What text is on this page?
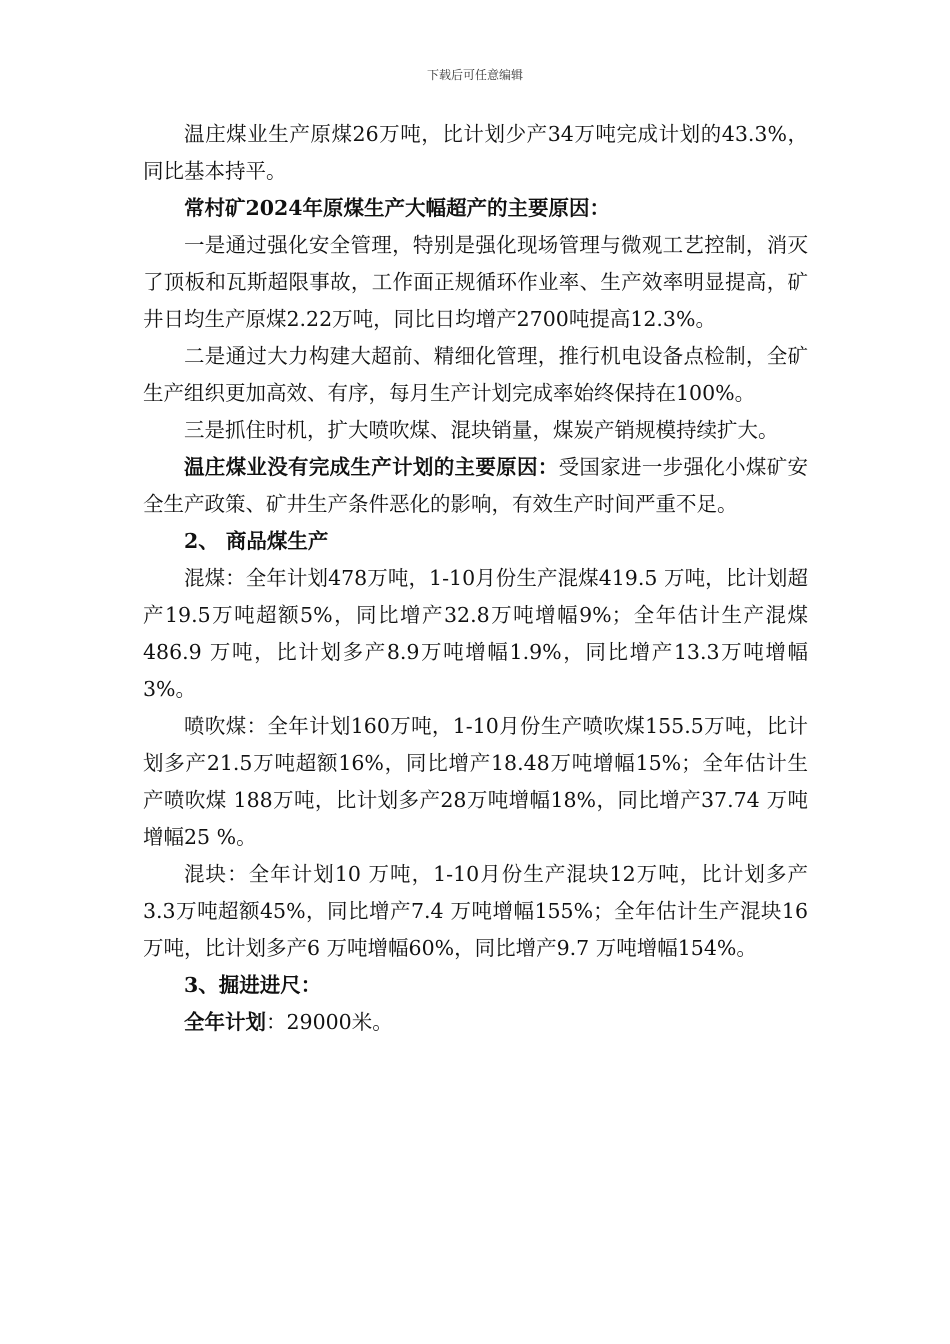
下载后可任意编辑

温庄煤业生产原煤26万吨，比计划少产34万吨完成计划的43.3%，同比基本持平。

常村矿2024年原煤生产大幅超产的主要原因：

一是通过强化安全管理，特别是强化现场管理与微观工艺控制，消灭了顶板和瓦斯超限事故，工作面正规循环作业率、生产效率明显提高，矿井日均生产原煤2.22万吨，同比日均增产2700吨提高12.3%。

二是通过大力构建大超前、精细化管理，推行机电设备点检制，全矿生产组织更加高效、有序，每月生产计划完成率始终保持在100%。

三是抓住时机，扩大喷吹煤、混块销量，煤炭产销规模持续扩大。

温庄煤业没有完成生产计划的主要原因：受国家进一步强化小煤矿安全生产政策、矿井生产条件恶化的影响，有效生产时间严重不足。

2、 商品煤生产

混煤：全年计划478万吨，1-10月份生产混煤419.5 万吨，比计划超产19.5万吨超额5%，同比增产32.8万吨增幅9%；全年估计生产混煤486.9 万吨，比计划多产8.9万吨增幅1.9%，同比增产13.3万吨增幅3%。

喷吹煤：全年计划160万吨，1-10月份生产喷吹煤155.5万吨，比计划多产21.5万吨超额16%，同比增产18.48万吨增幅15%；全年估计生产喷吹煤 188万吨，比计划多产28万吨增幅18%，同比增产37.74 万吨增幅25 %。

混块：全年计划10 万吨，1-10月份生产混块12万吨，比计划多产3.3万吨超额45%，同比增产7.4 万吨增幅155%；全年估计生产混块16万吨，比计划多产6 万吨增幅60%，同比增产9.7 万吨增幅154%。

3、掘进进尺：

全年计划：29000米。
